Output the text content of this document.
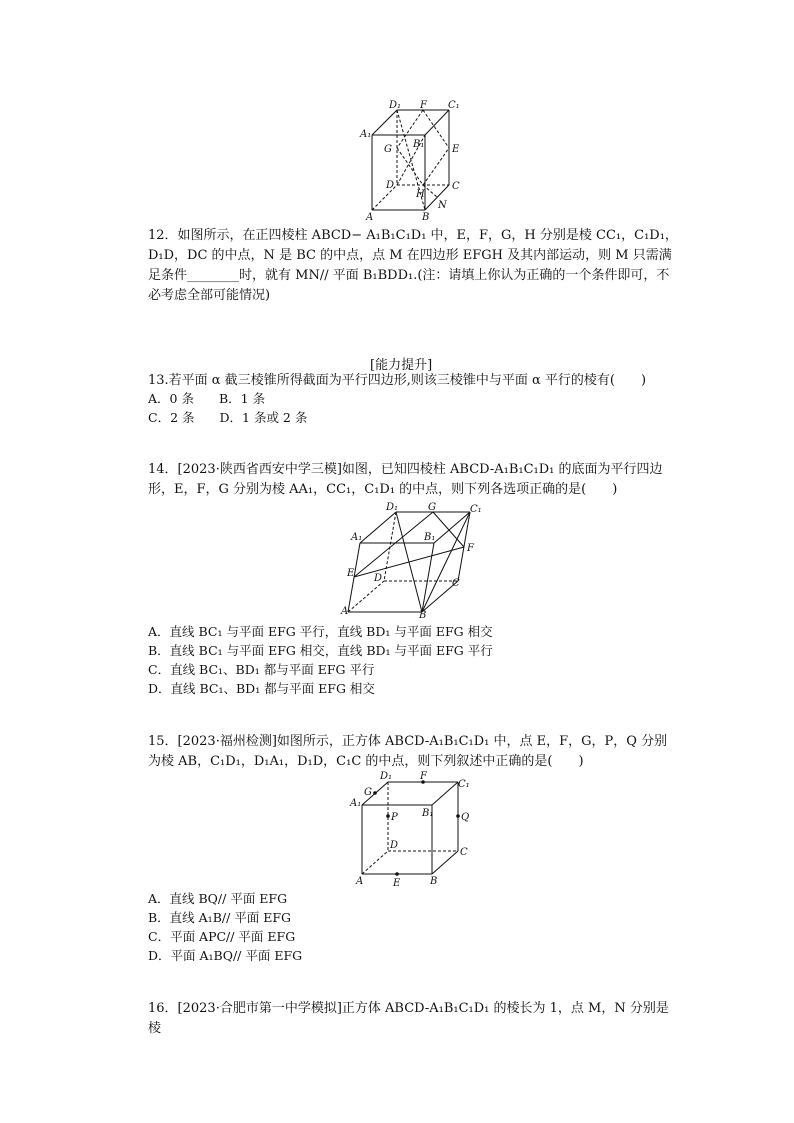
D₁ F C₁
A₁
B₁
G	E
D
H
C
A	B
N
12．如图所示，在正四棱柱 ABCD− A₁B₁C₁D₁ 中，E，F，G，H 分别是棱 CC₁，C₁D₁，D₁D，DC 的中点，N 是 BC 的中点，点 M 在四边形 EFGH 及其内部运动，则 M 只需满足条件________时，就有 MN// 平面 B₁BDD₁.(注：请填上你认为正确的一个条件即可，不必考虑全部可能情况)
[能力提升]
13.若平面 α 截三棱锥所得截面为平行四边形,则该三棱锥中与平面 α 平行的棱有(　　)
A．0 条　　B．1 条
C．2 条　　D．1 条或 2 条
14．[2023·陕西省西安中学三模]如图，已知四棱柱 ABCD-A₁B₁C₁D₁ 的底面为平行四边形，E，F，G 分别为棱 AA₁，CC₁，C₁D₁ 的中点，则下列各选项正确的是(　　)
D₁	G	C₁
A₁	B₁
F
E D	C
A	B
A．直线 BC₁ 与平面 EFG 平行，直线 BD₁ 与平面 EFG 相交
B．直线 BC₁ 与平面 EFG 相交，直线 BD₁ 与平面 EFG 平行
C．直线 BC₁、BD₁ 都与平面 EFG 平行
D．直线 BC₁、BD₁ 都与平面 EFG 相交
15．[2023·福州检测]如图所示，正方体 ABCD-A₁B₁C₁D₁ 中，点 E，F，G，P，Q 分别为棱 AB，C₁D₁，D₁A₁，D₁D，C₁C 的中点，则下列叙述中正确的是(　　)
D₁	F
C₁
G
A₁
B₁
P	Q
D
C
A	E	B
A．直线 BQ// 平面 EFG
B．直线 A₁B// 平面 EFG
C．平面 APC// 平面 EFG
D．平面 A₁BQ// 平面 EFG
16．[2023·合肥市第一中学模拟]正方体 ABCD-A₁B₁C₁D₁ 的棱长为 1，点 M，N 分别是棱
